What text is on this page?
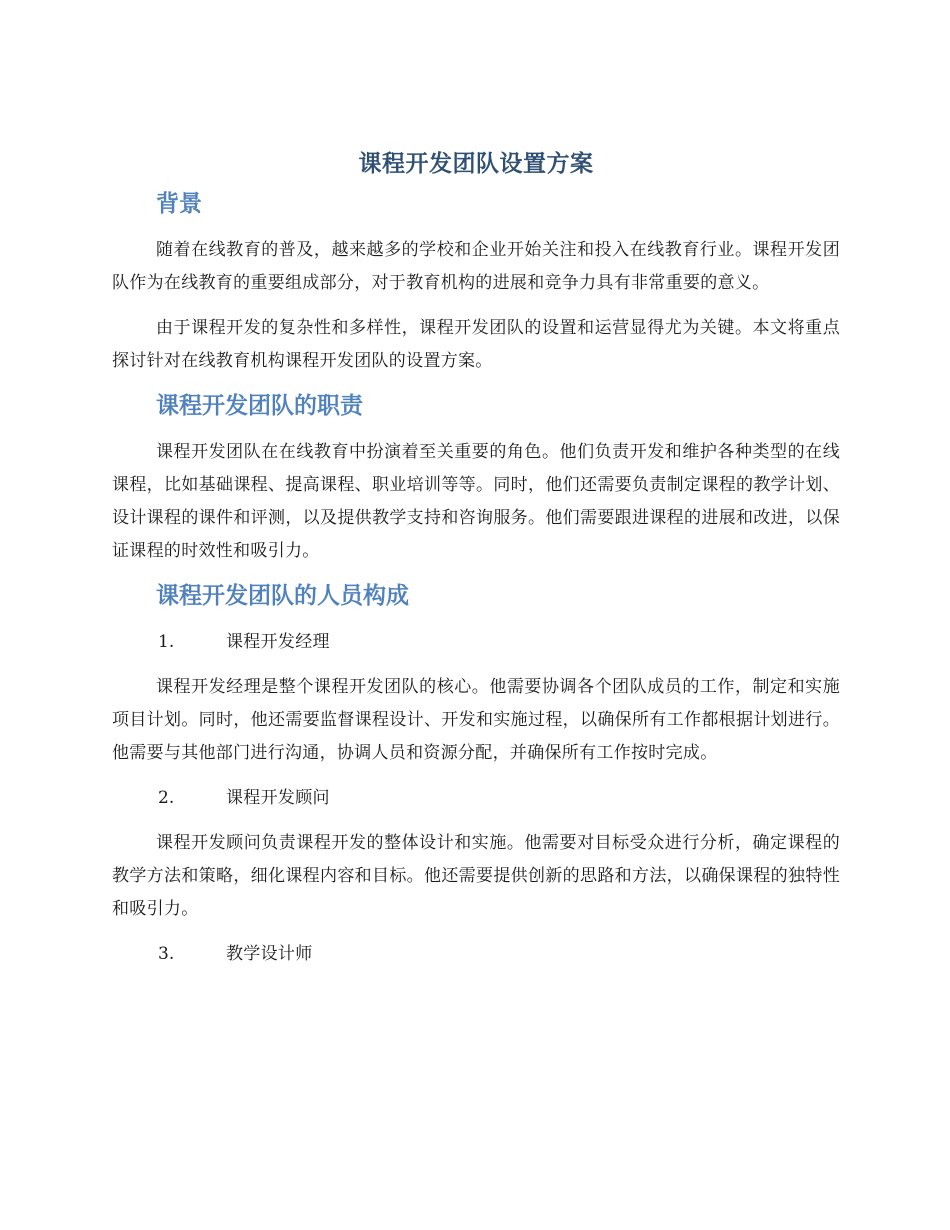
课程开发团队设置方案
背景

随着在线教育的普及，越来越多的学校和企业开始关注和投入在线教育行业。课程开发团队作为在线教育的重要组成部分，对于教育机构的进展和竞争力具有非常重要的意义。

由于课程开发的复杂性和多样性，课程开发团队的设置和运营显得尤为关键。本文将重点探讨针对在线教育机构课程开发团队的设置方案。

课程开发团队的职责

课程开发团队在在线教育中扮演着至关重要的角色。他们负责开发和维护各种类型的在线课程，比如基础课程、提高课程、职业培训等等。同时，他们还需要负责制定课程的教学计划、设计课程的课件和评测，以及提供教学支持和咨询服务。他们需要跟进课程的进展和改进，以保证课程的时效性和吸引力。

课程开发团队的人员构成
1.	课程开发经理

课程开发经理是整个课程开发团队的核心。他需要协调各个团队成员的工作，制定和实施项目计划。同时，他还需要监督课程设计、开发和实施过程，以确保所有工作都根据计划进行。他需要与其他部门进行沟通，协调人员和资源分配，并确保所有工作按时完成。

2.	课程开发顾问

课程开发顾问负责课程开发的整体设计和实施。他需要对目标受众进行分析，确定课程的教学方法和策略，细化课程内容和目标。他还需要提供创新的思路和方法，以确保课程的独特性和吸引力。

3.	教学设计师
